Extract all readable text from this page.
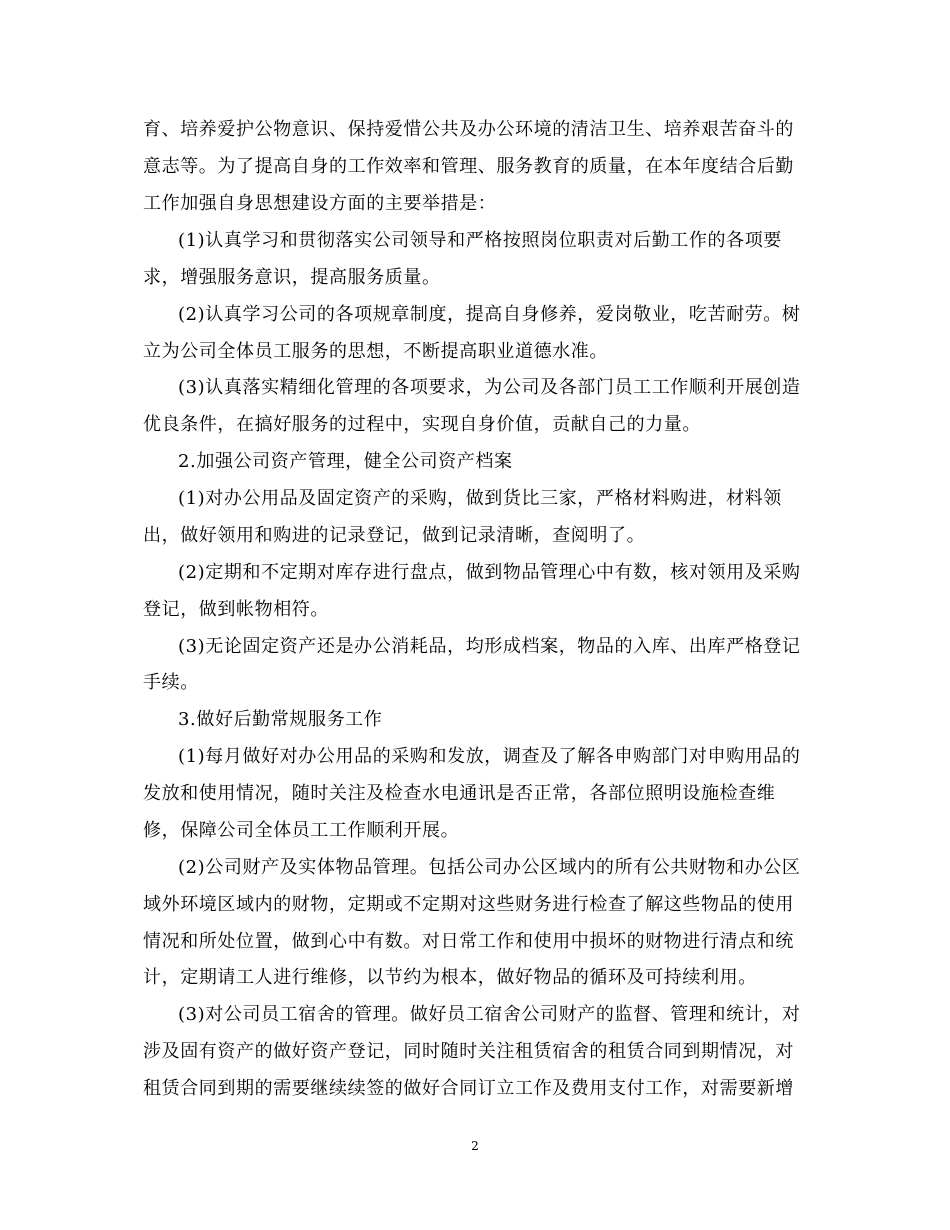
育、培养爱护公物意识、保持爱惜公共及办公环境的清洁卫生、培养艰苦奋斗的
意志等。为了提高自身的工作效率和管理、服务教育的质量，在本年度结合后勤
工作加强自身思想建设方面的主要举措是：
(1)认真学习和贯彻落实公司领导和严格按照岗位职责对后勤工作的各项要
求，增强服务意识，提高服务质量。
(2)认真学习公司的各项规章制度，提高自身修养，爱岗敬业，吃苦耐劳。树
立为公司全体员工服务的思想，不断提高职业道德水准。
(3)认真落实精细化管理的各项要求，为公司及各部门员工工作顺利开展创造
优良条件，在搞好服务的过程中，实现自身价值，贡献自己的力量。
2.加强公司资产管理，健全公司资产档案
(1)对办公用品及固定资产的采购，做到货比三家，严格材料购进，材料领
出，做好领用和购进的记录登记，做到记录清晰，查阅明了。
(2)定期和不定期对库存进行盘点，做到物品管理心中有数，核对领用及采购
登记，做到帐物相符。
(3)无论固定资产还是办公消耗品，均形成档案，物品的入库、出库严格登记
手续。
3.做好后勤常规服务工作
(1)每月做好对办公用品的采购和发放，调查及了解各申购部门对申购用品的
发放和使用情况，随时关注及检查水电通讯是否正常，各部位照明设施检查维
修，保障公司全体员工工作顺利开展。
(2)公司财产及实体物品管理。包括公司办公区域内的所有公共财物和办公区
域外环境区域内的财物，定期或不定期对这些财务进行检查了解这些物品的使用
情况和所处位置，做到心中有数。对日常工作和使用中损坏的财物进行清点和统
计，定期请工人进行维修，以节约为根本，做好物品的循环及可持续利用。
(3)对公司员工宿舍的管理。做好员工宿舍公司财产的监督、管理和统计，对
涉及固有资产的做好资产登记，同时随时关注租赁宿舍的租赁合同到期情况，对
租赁合同到期的需要继续续签的做好合同订立工作及费用支付工作，对需要新增
2
